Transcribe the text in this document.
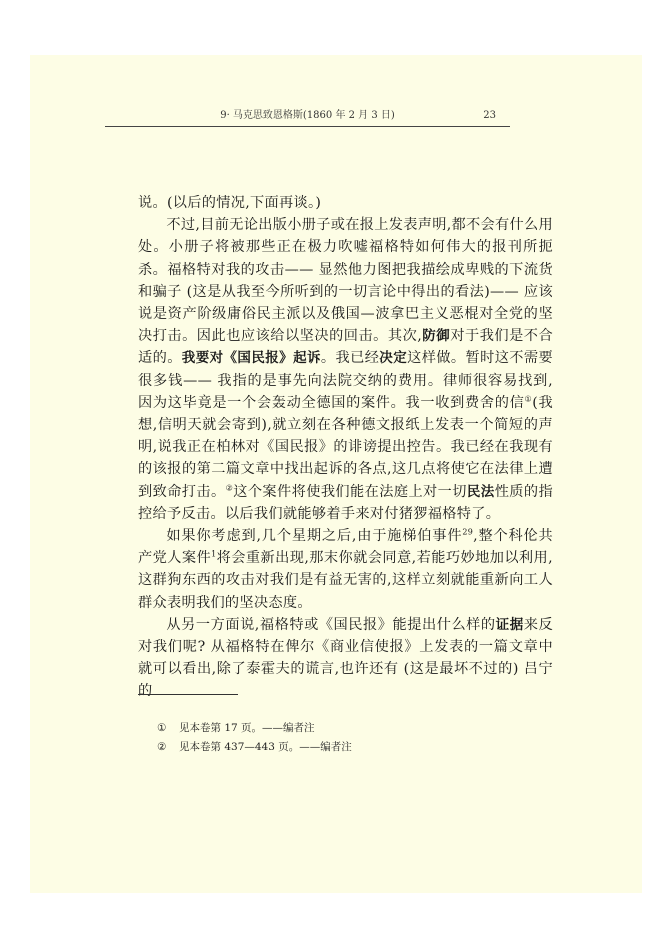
9· 马克思致恩格斯(1860 年 2 月 3 日)	23

说。(以后的情况,下面再谈。)

不过,目前无论出版小册子或在报上发表声明,都不会有什么用处。小册子将被那些正在极力吹嘘福格特如何伟大的报刊所扼杀。福格特对我的攻击—— 显然他力图把我描绘成卑贱的下流货和骗子 (这是从我至今所听到的一切言论中得出的看法)—— 应该说是资产阶级庸俗民主派以及俄国—波拿巴主义恶棍对全党的坚决打击。因此也应该给以坚决的回击。其次,防御对于我们是不合适的。我要对《国民报》起诉。我已经决定这样做。暂时这不需要很多钱—— 我指的是事先向法院交纳的费用。律师很容易找到,因为这毕竟是一个会轰动全德国的案件。我一收到费舍的信①(我想,信明天就会寄到),就立刻在各种德文报纸上发表一个简短的声明,说我正在柏林对《国民报》的诽谤提出控告。我已经在我现有的该报的第二篇文章中找出起诉的各点,这几点将使它在法律上遭到致命打击。②这个案件将使我们能在法庭上对一切民法性质的指控给予反击。以后我们就能够着手来对付猪猡福格特了。

如果你考虑到,几个星期之后,由于施梯伯事件$^{29}$,整个科伦共产党人案件$^1$将会重新出现,那末你就会同意,若能巧妙地加以利用,这群狗东西的攻击对我们是有益无害的,这样立刻就能重新向工人群众表明我们的坚决态度。

从另一方面说,福格特或《国民报》能提出什么样的证据来反对我们呢? 从福格特在俾尔《商业信使报》上发表的一篇文章中就可以看出,除了泰霍夫的谎言,也许还有 (这是最坏不过的) 吕宁的

① 见本卷第 17 页。——编者注
② 见本卷第 437—443 页。——编者注
